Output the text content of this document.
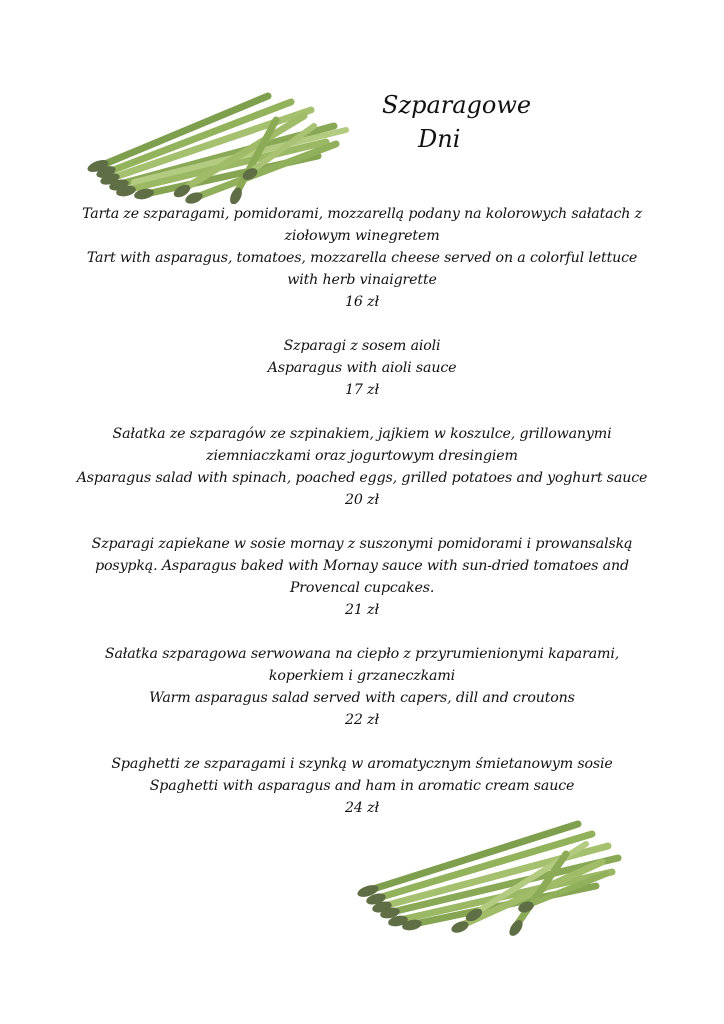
Szparagowe
Dni
Tarta ze szparagami, pomidorami, mozzarellą podany na kolorowych sałatach z
ziołowym winegretem
Tart with asparagus, tomatoes, mozzarella cheese served on a colorful lettuce
with herb vinaigrette
16 zł
Szparagi z sosem aioli
Asparagus with aioli sauce
17 zł
Sałatka ze szparagów ze szpinakiem, jajkiem w koszulce, grillowanymi
ziemniaczkami oraz jogurtowym dresingiem
Asparagus salad with spinach, poached eggs, grilled potatoes and yoghurt sauce
20 zł
Szparagi zapiekane w sosie mornay z suszonymi pomidorami i prowansalską
posypką. Asparagus baked with Mornay sauce with sun-dried tomatoes and
Provencal cupcakes.
21 zł
Sałatka szparagowa serwowana na ciepło z przyrumienionymi kaparami,
koperkiem i grzaneczkami
Warm asparagus salad served with capers, dill and croutons
22 zł
Spaghetti ze szparagami i szynką w aromatycznym śmietanowym sosie
Spaghetti with asparagus and ham in aromatic cream sauce
24 zł
